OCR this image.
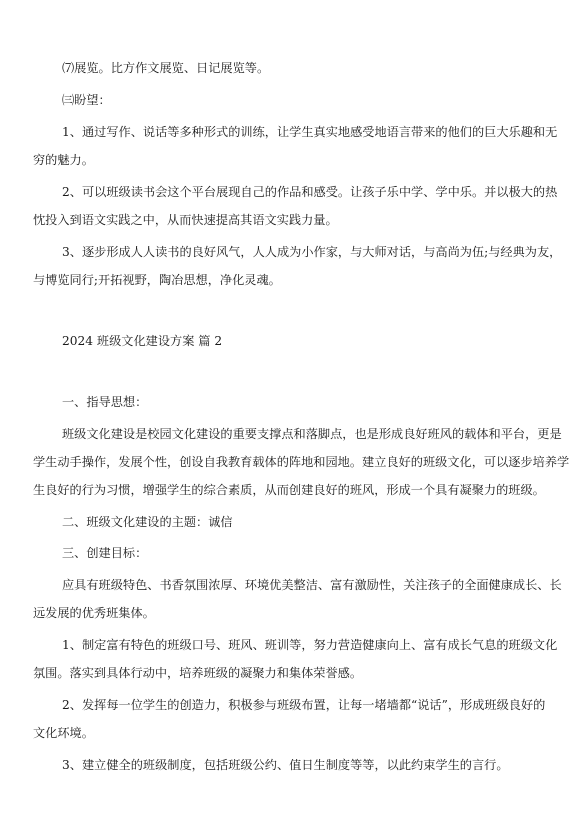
⑺展览。比方作文展览、日记展览等。

㈢盼望：

1、通过写作、说话等多种形式的训练，让学生真实地感受地语言带来的他们的巨大乐趣和无

穷的魅力。

2、可以班级读书会这个平台展现自己的作品和感受。让孩子乐中学、学中乐。并以极大的热

忱投入到语文实践之中，从而快速提高其语文实践力量。

3、逐步形成人人读书的良好风气，人人成为小作家，与大师对话，与高尚为伍;与经典为友，

与博览同行;开拓视野，陶冶思想，净化灵魂。

2024 班级文化建设方案 篇 2

一、指导思想：

班级文化建设是校园文化建设的重要支撑点和落脚点，也是形成良好班风的载体和平台，更是

学生动手操作，发展个性，创设自我教育载体的阵地和园地。建立良好的班级文化，可以逐步培养学

生良好的行为习惯，增强学生的综合素质，从而创建良好的班风，形成一个具有凝聚力的班级。

二、班级文化建设的主题：诚信

三、创建目标：

应具有班级特色、书香氛围浓厚、环境优美整洁、富有激励性，关注孩子的全面健康成长、长

远发展的优秀班集体。

1、制定富有特色的班级口号、班风、班训等，努力营造健康向上、富有成长气息的班级文化

氛围。落实到具体行动中，培养班级的凝聚力和集体荣誉感。

2、发挥每一位学生的创造力，积极参与班级布置，让每一堵墙都“说话”，形成班级良好的

文化环境。

3、建立健全的班级制度，包括班级公约、值日生制度等等，以此约束学生的言行。
